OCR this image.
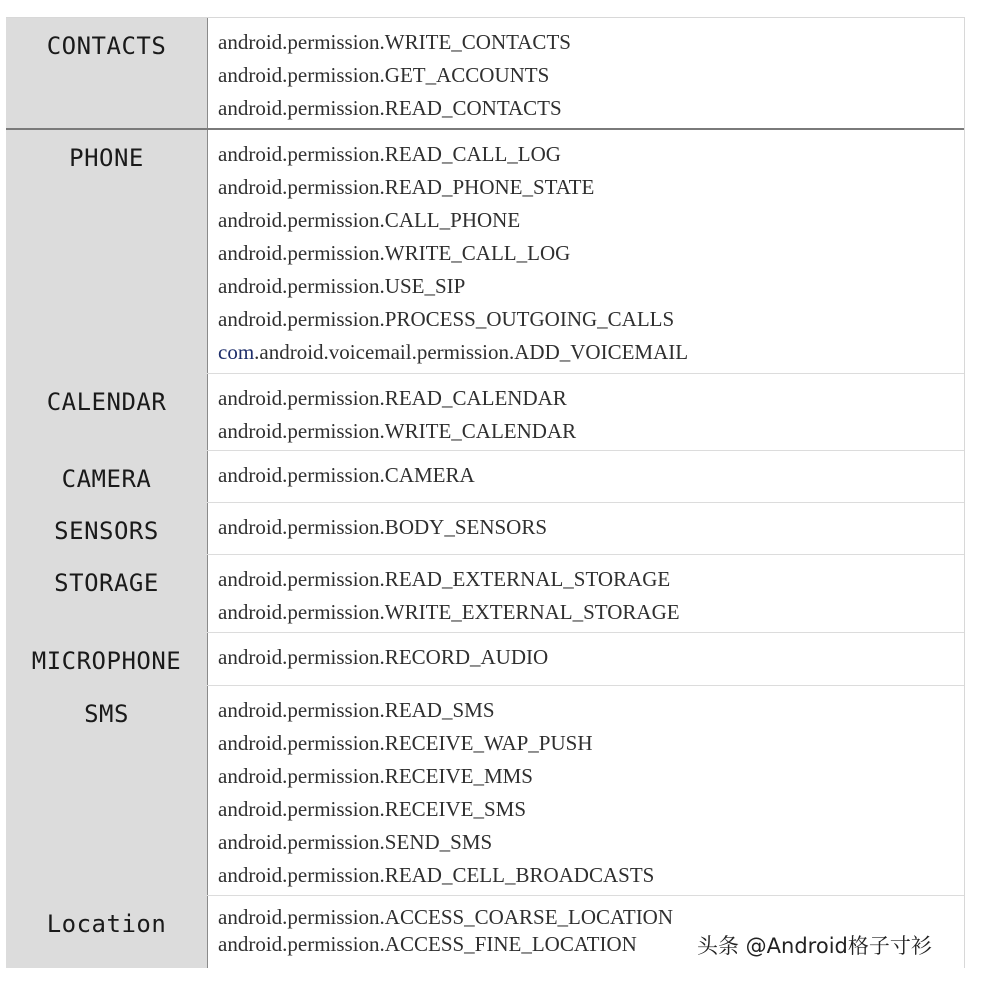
CONTACTS	android.permission.WRITE_CONTACTS
android.permission.GET_ACCOUNTS
android.permission.READ_CONTACTS
PHONE	android.permission.READ_CALL_LOG
android.permission.READ_PHONE_STATE
android.permission.CALL_PHONE
android.permission.WRITE_CALL_LOG
android.permission.USE_SIP
android.permission.PROCESS_OUTGOING_CALLS
com.android.voicemail.permission.ADD_VOICEMAIL
CALENDAR	android.permission.READ_CALENDAR
android.permission.WRITE_CALENDAR
CAMERA	android.permission.CAMERA
SENSORS	android.permission.BODY_SENSORS
STORAGE	android.permission.READ_EXTERNAL_STORAGE
android.permission.WRITE_EXTERNAL_STORAGE
MICROPHONE	android.permission.RECORD_AUDIO
SMS	android.permission.READ_SMS
android.permission.RECEIVE_WAP_PUSH
android.permission.RECEIVE_MMS
android.permission.RECEIVE_SMS
android.permission.SEND_SMS
android.permission.READ_CELL_BROADCASTS
Location	android.permission.ACCESS_COARSE_LOCATION
android.permission.ACCESS_FINE_LOCATION	头条 @Android格子寸衫
